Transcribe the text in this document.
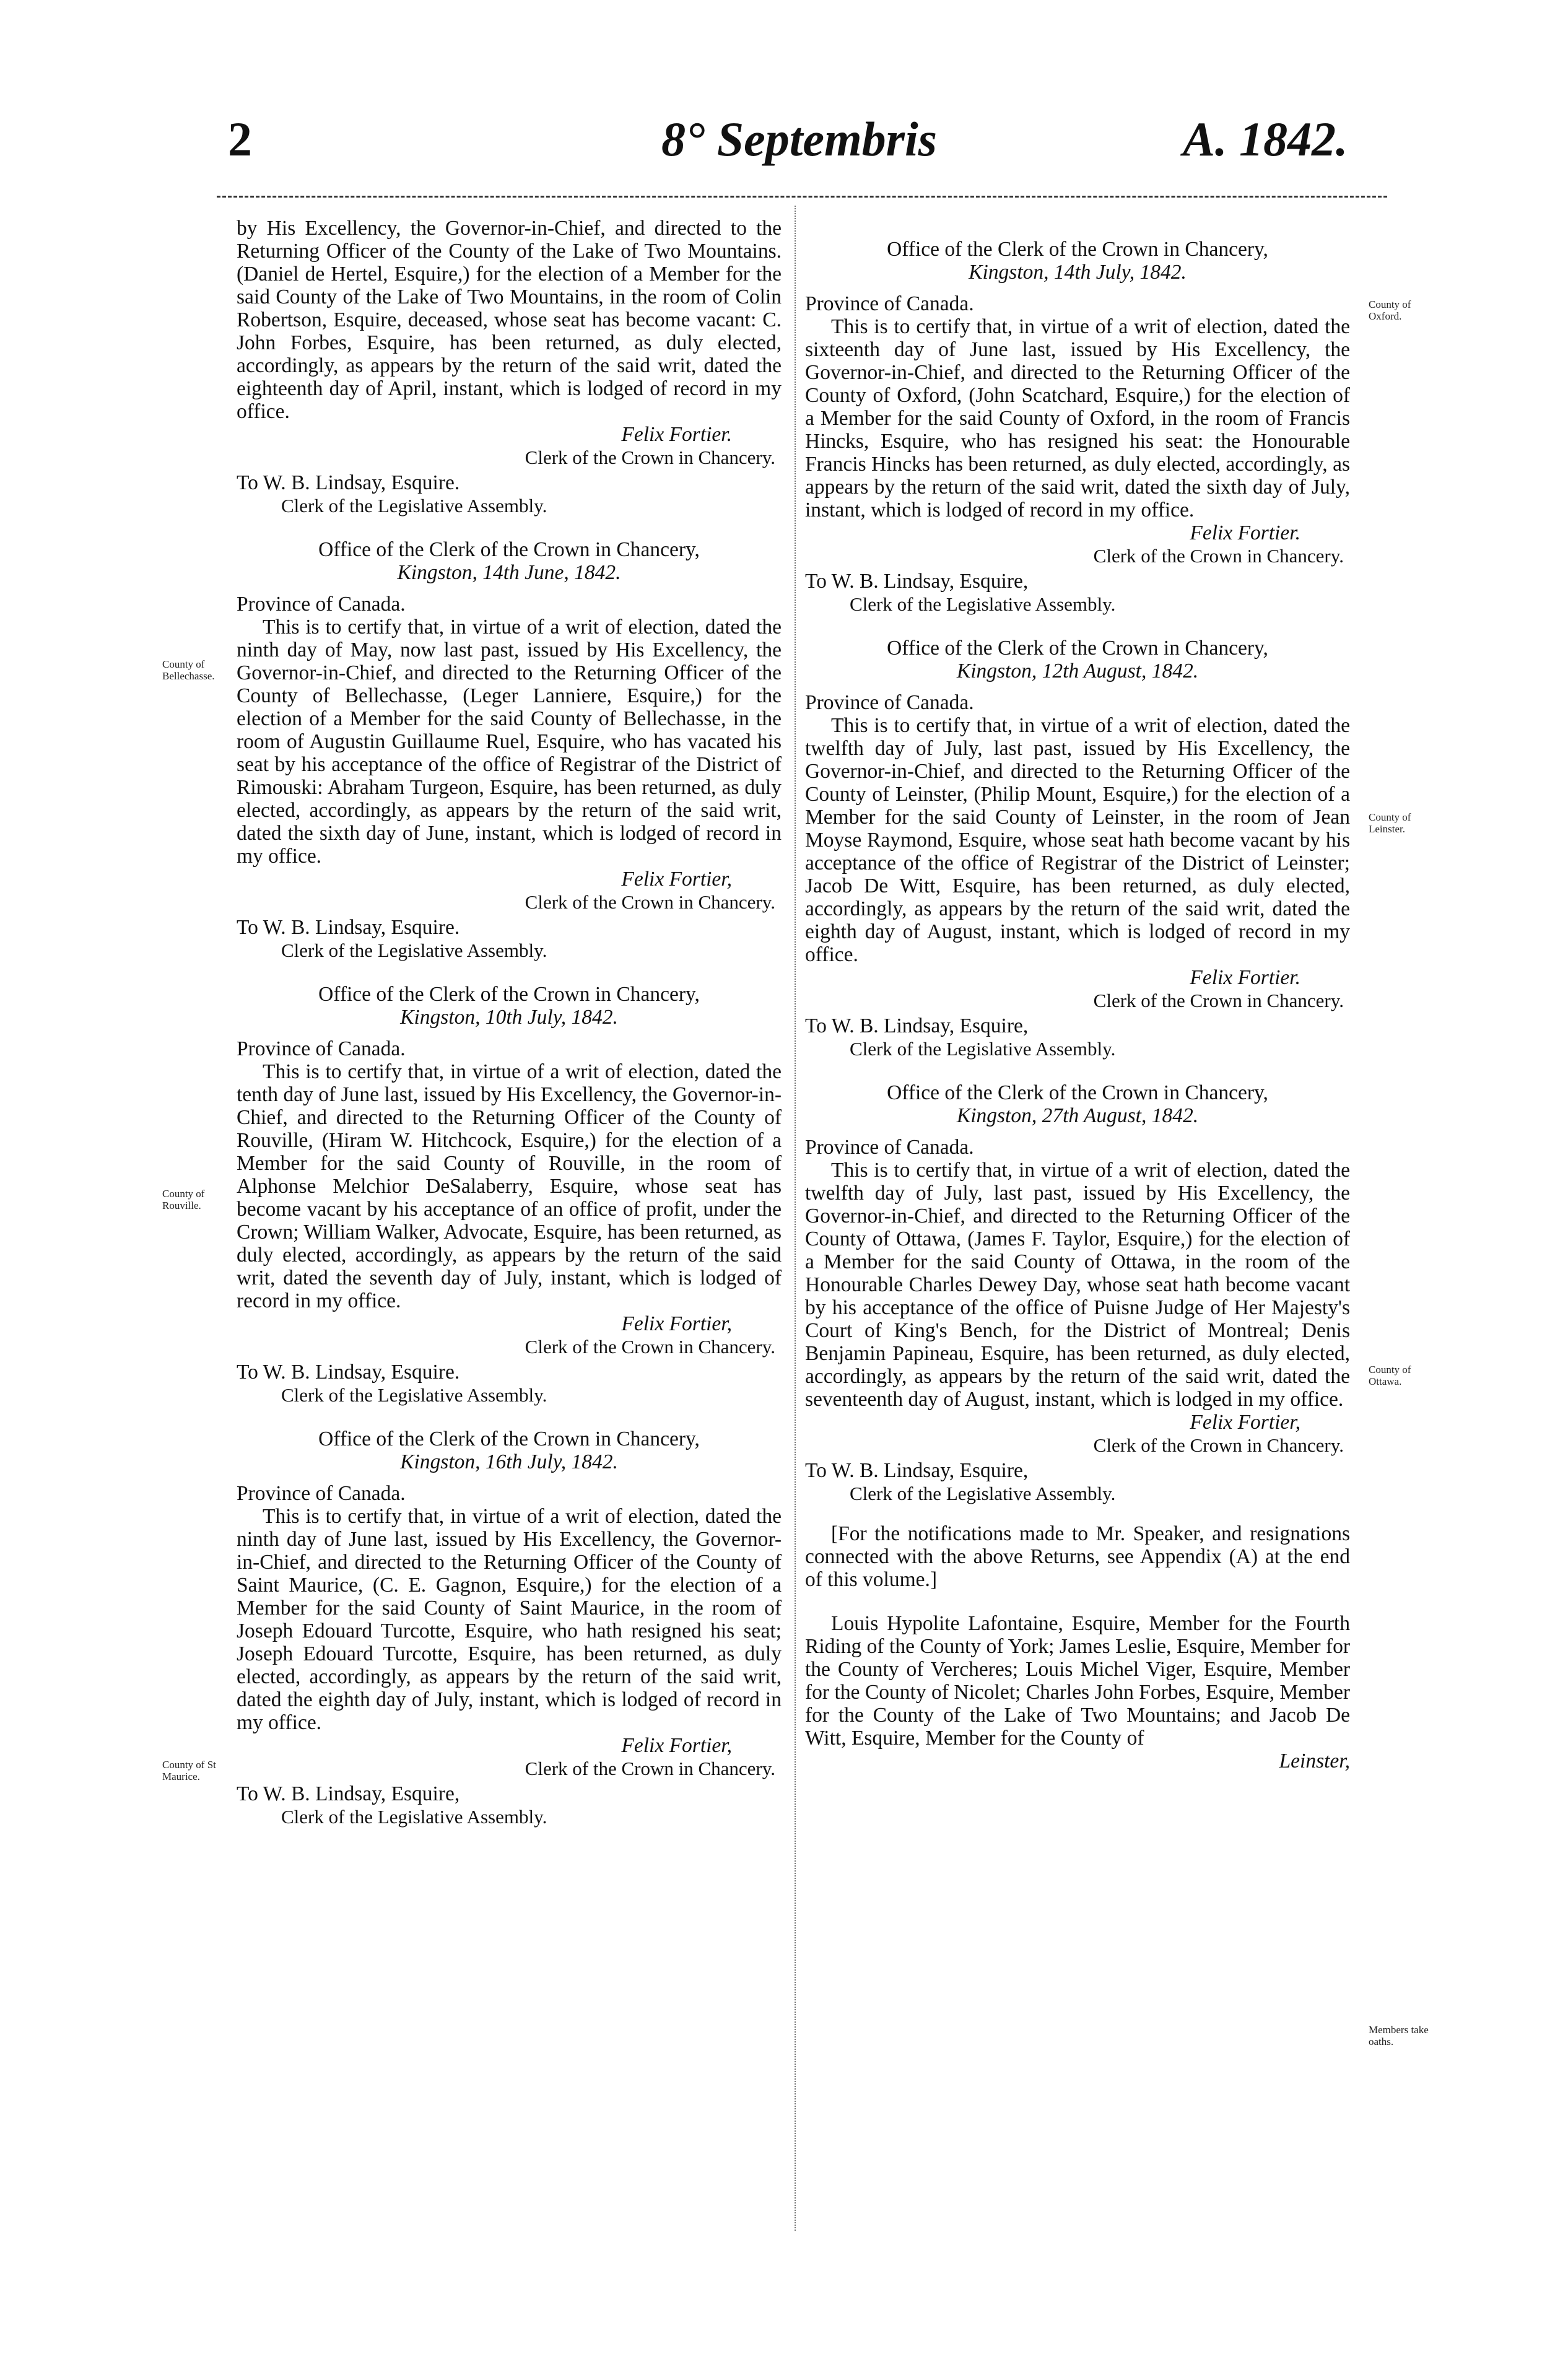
2	8° Septembris	A. 1842.
County of Bellechasse.
County of Rouville.
County of St Maurice.
County of Oxford.
County of Leinster.
County of Ottawa.
Members take oaths.

by His Excellency, the Governor-in-Chief, and directed to the Returning Officer of the County of the Lake of Two Mountains. (Daniel de Hertel, Esquire,) for the election of a Member for the said County of the Lake of Two Mountains, in the room of Colin Robertson, Esquire, deceased, whose seat has become vacant: C. John Forbes, Esquire, has been returned, as duly elected, accordingly, as appears by the return of the said writ, dated the eighteenth day of April, instant, which is lodged of record in my office.

Felix Fortier.

Clerk of the Crown in Chancery.

To W. B. Lindsay, Esquire.

Clerk of the Legislative Assembly.

Office of the Clerk of the Crown in Chancery,

Kingston, 14th June, 1842.

Province of Canada.

This is to certify that, in virtue of a writ of election, dated the ninth day of May, now last past, issued by His Excellency, the Governor-in-Chief, and directed to the Returning Officer of the County of Bellechasse, (Leger Lanniere, Esquire,) for the election of a Member for the said County of Bellechasse, in the room of Augustin Guillaume Ruel, Esquire, who has vacated his seat by his acceptance of the office of Registrar of the District of Rimouski: Abraham Turgeon, Esquire, has been returned, as duly elected, accordingly, as appears by the return of the said writ, dated the sixth day of June, instant, which is lodged of record in my office.

Felix Fortier,

Clerk of the Crown in Chancery.

To W. B. Lindsay, Esquire.

Clerk of the Legislative Assembly.

Office of the Clerk of the Crown in Chancery,

Kingston, 10th July, 1842.

Province of Canada.

This is to certify that, in virtue of a writ of election, dated the tenth day of June last, issued by His Excellency, the Governor-in-Chief, and directed to the Returning Officer of the County of Rouville, (Hiram W. Hitchcock, Esquire,) for the election of a Member for the said County of Rouville, in the room of Alphonse Melchior DeSalaberry, Esquire, whose seat has become vacant by his acceptance of an office of profit, under the Crown; William Walker, Advocate, Esquire, has been returned, as duly elected, accordingly, as appears by the return of the said writ, dated the seventh day of July, instant, which is lodged of record in my office.

Felix Fortier,

Clerk of the Crown in Chancery.

To W. B. Lindsay, Esquire.

Clerk of the Legislative Assembly.

Office of the Clerk of the Crown in Chancery,

Kingston, 16th July, 1842.

Province of Canada.

This is to certify that, in virtue of a writ of election, dated the ninth day of June last, issued by His Excellency, the Governor-in-Chief, and directed to the Returning Officer of the County of Saint Maurice, (C. E. Gagnon, Esquire,) for the election of a Member for the said County of Saint Maurice, in the room of Joseph Edouard Turcotte, Esquire, who hath resigned his seat; Joseph Edouard Turcotte, Esquire, has been returned, as duly elected, accordingly, as appears by the return of the said writ, dated the eighth day of July, instant, which is lodged of record in my office.

Felix Fortier,

Clerk of the Crown in Chancery.

To W. B. Lindsay, Esquire,

Clerk of the Legislative Assembly.

Office of the Clerk of the Crown in Chancery,

Kingston, 14th July, 1842.

Province of Canada.

This is to certify that, in virtue of a writ of election, dated the sixteenth day of June last, issued by His Excellency, the Governor-in-Chief, and directed to the Returning Officer of the County of Oxford, (John Scatchard, Esquire,) for the election of a Member for the said County of Oxford, in the room of Francis Hincks, Esquire, who has resigned his seat: the Honourable Francis Hincks has been returned, as duly elected, accordingly, as appears by the return of the said writ, dated the sixth day of July, instant, which is lodged of record in my office.

Felix Fortier.

Clerk of the Crown in Chancery.

To W. B. Lindsay, Esquire,

Clerk of the Legislative Assembly.

Office of the Clerk of the Crown in Chancery,

Kingston, 12th August, 1842.

Province of Canada.

This is to certify that, in virtue of a writ of election, dated the twelfth day of July, last past, issued by His Excellency, the Governor-in-Chief, and directed to the Returning Officer of the County of Leinster, (Philip Mount, Esquire,) for the election of a Member for the said County of Leinster, in the room of Jean Moyse Raymond, Esquire, whose seat hath become vacant by his acceptance of the office of Registrar of the District of Leinster; Jacob De Witt, Esquire, has been returned, as duly elected, accordingly, as appears by the return of the said writ, dated the eighth day of August, instant, which is lodged of record in my office.

Felix Fortier.

Clerk of the Crown in Chancery.

To W. B. Lindsay, Esquire,

Clerk of the Legislative Assembly.

Office of the Clerk of the Crown in Chancery,

Kingston, 27th August, 1842.

Province of Canada.

This is to certify that, in virtue of a writ of election, dated the twelfth day of July, last past, issued by His Excellency, the Governor-in-Chief, and directed to the Returning Officer of the County of Ottawa, (James F. Taylor, Esquire,) for the election of a Member for the said County of Ottawa, in the room of the Honourable Charles Dewey Day, whose seat hath become vacant by his acceptance of the office of Puisne Judge of Her Majesty's Court of King's Bench, for the District of Montreal; Denis Benjamin Papineau, Esquire, has been returned, as duly elected, accordingly, as appears by the return of the said writ, dated the seventeenth day of August, instant, which is lodged in my office.

Felix Fortier,

Clerk of the Crown in Chancery.

To W. B. Lindsay, Esquire,

Clerk of the Legislative Assembly.

[For the notifications made to Mr. Speaker, and resignations connected with the above Returns, see Appendix (A) at the end of this volume.]

Louis Hypolite Lafontaine, Esquire, Member for the Fourth Riding of the County of York; James Leslie, Esquire, Member for the County of Vercheres; Louis Michel Viger, Esquire, Member for the County of Nicolet; Charles John Forbes, Esquire, Member for the County of the Lake of Two Mountains; and Jacob De Witt, Esquire, Member for the County of

Leinster,
